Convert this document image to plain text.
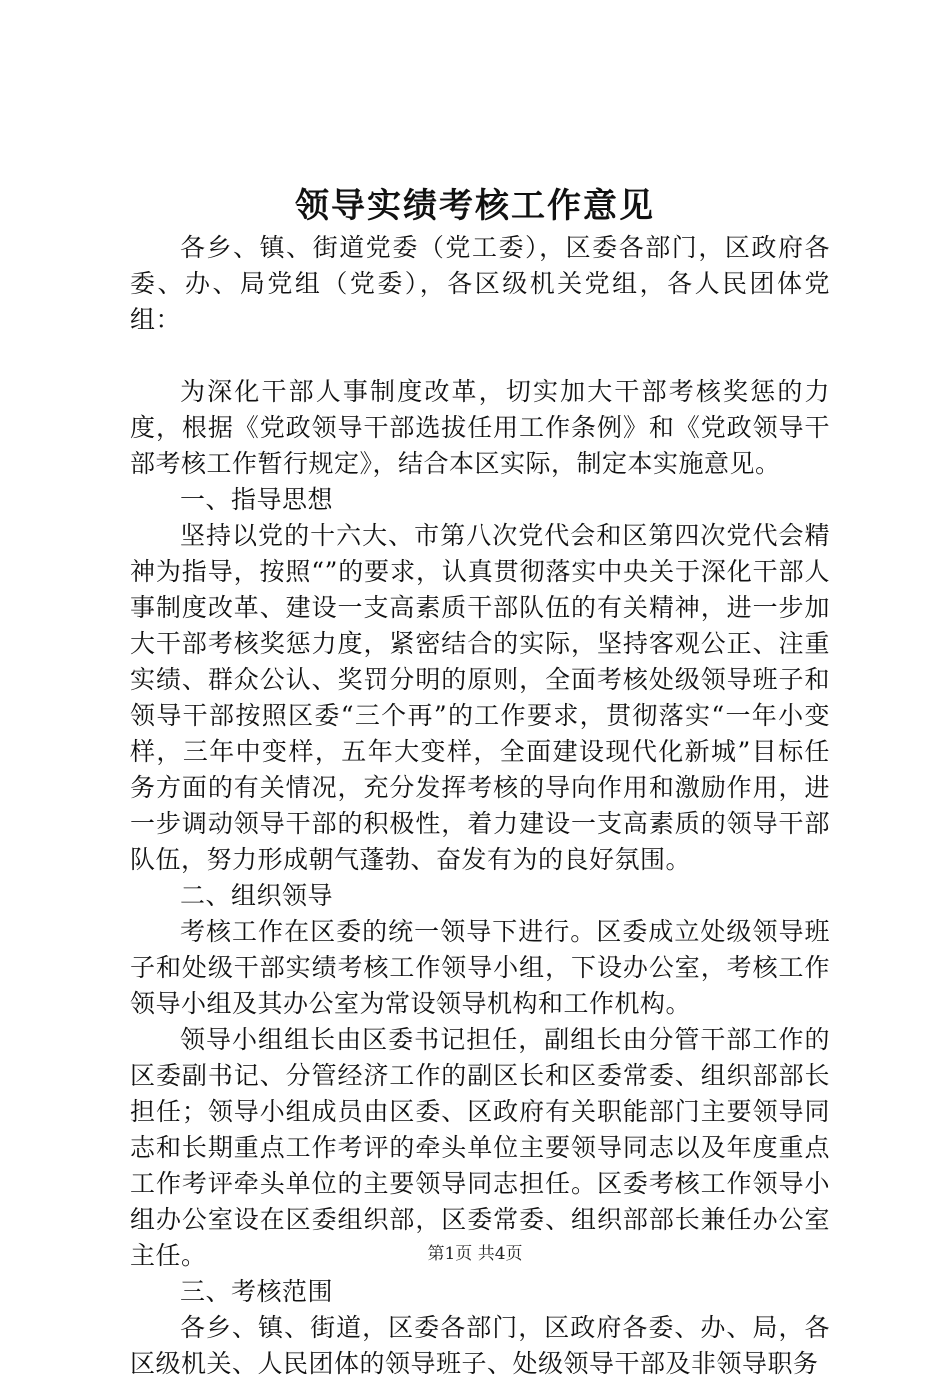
领导实绩考核工作意见

各乡、镇、街道党委（党工委），区委各部门，区政府各委、办、局党组（党委），各区级机关党组，各人民团体党组：

为深化干部人事制度改革，切实加大干部考核奖惩的力度，根据《党政领导干部选拔任用工作条例》和《党政领导干部考核工作暂行规定》，结合本区实际，制定本实施意见。

一、指导思想

坚持以党的十六大、市第八次党代会和区第四次党代会精神为指导，按照“”的要求，认真贯彻落实中央关于深化干部人事制度改革、建设一支高素质干部队伍的有关精神，进一步加大干部考核奖惩力度，紧密结合的实际，坚持客观公正、注重实绩、群众公认、奖罚分明的原则，全面考核处级领导班子和领导干部按照区委“三个再”的工作要求，贯彻落实“一年小变样，三年中变样，五年大变样，全面建设现代化新城”目标任务方面的有关情况，充分发挥考核的导向作用和激励作用，进一步调动领导干部的积极性，着力建设一支高素质的领导干部队伍，努力形成朝气蓬勃、奋发有为的良好氛围。

二、组织领导

考核工作在区委的统一领导下进行。区委成立处级领导班子和处级干部实绩考核工作领导小组，下设办公室，考核工作领导小组及其办公室为常设领导机构和工作机构。

领导小组组长由区委书记担任，副组长由分管干部工作的区委副书记、分管经济工作的副区长和区委常委、组织部部长担任；领导小组成员由区委、区政府有关职能部门主要领导同志和长期重点工作考评的牵头单位主要领导同志以及年度重点工作考评牵头单位的主要领导同志担任。区委考核工作领导小组办公室设在区委组织部，区委常委、组织部部长兼任办公室主任。

三、考核范围

各乡、镇、街道，区委各部门，区政府各委、办、局，各区级机关、人民团体的领导班子、处级领导干部及非领导职务

第1页 共4页
